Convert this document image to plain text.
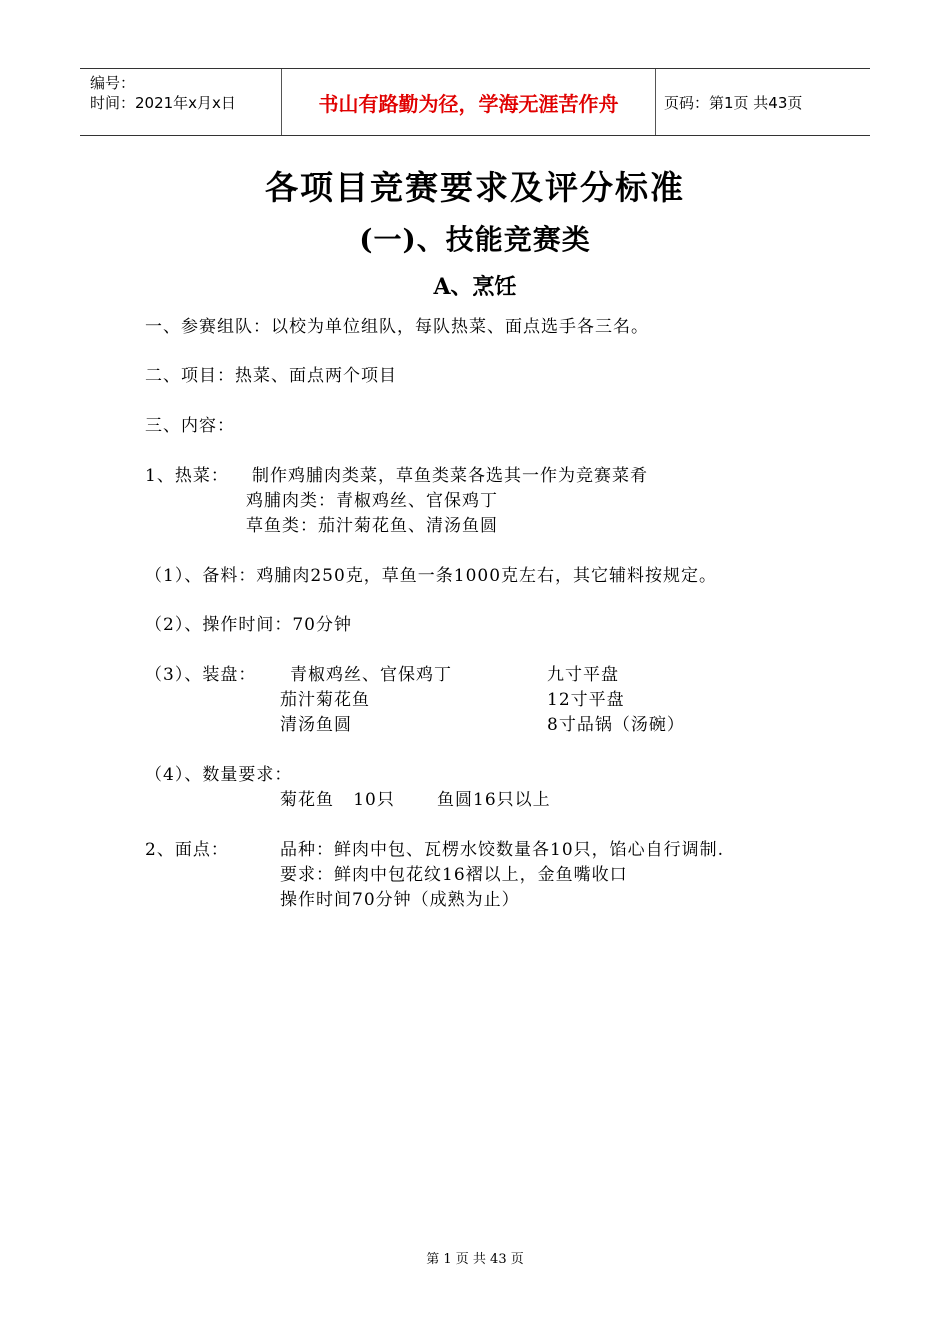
编号：
时间：2021年x月x日	书山有路勤为径，学海无涯苦作舟	页码：第1页 共43页
各项目竞赛要求及评分标准
(一)、技能竞赛类
A、烹饪
一、参赛组队：以校为单位组队，每队热菜、面点选手各三名。
二、项目：热菜、面点两个项目
三、内容：
1、热菜： 制作鸡脯肉类菜，草鱼类菜各选其一作为竞赛菜肴
鸡脯肉类：青椒鸡丝、官保鸡丁
草鱼类：茄汁菊花鱼、清汤鱼圆
（1）、备料：鸡脯肉250克，草鱼一条1000克左右，其它辅料按规定。
（2）、操作时间：70分钟
（3）、装盘： 青椒鸡丝、官保鸡丁	九寸平盘
茄汁菊花鱼	12寸平盘
清汤鱼圆	8寸品锅（汤碗）
（4）、数量要求：
菊花鱼   10只 鱼圆16只以上
2、面点：	品种：鲜肉中包、瓦楞水饺数量各10只，馅心自行调制.
要求：鲜肉中包花纹16褶以上，金鱼嘴收口
操作时间70分钟（成熟为止）
第 1 页 共 43 页
